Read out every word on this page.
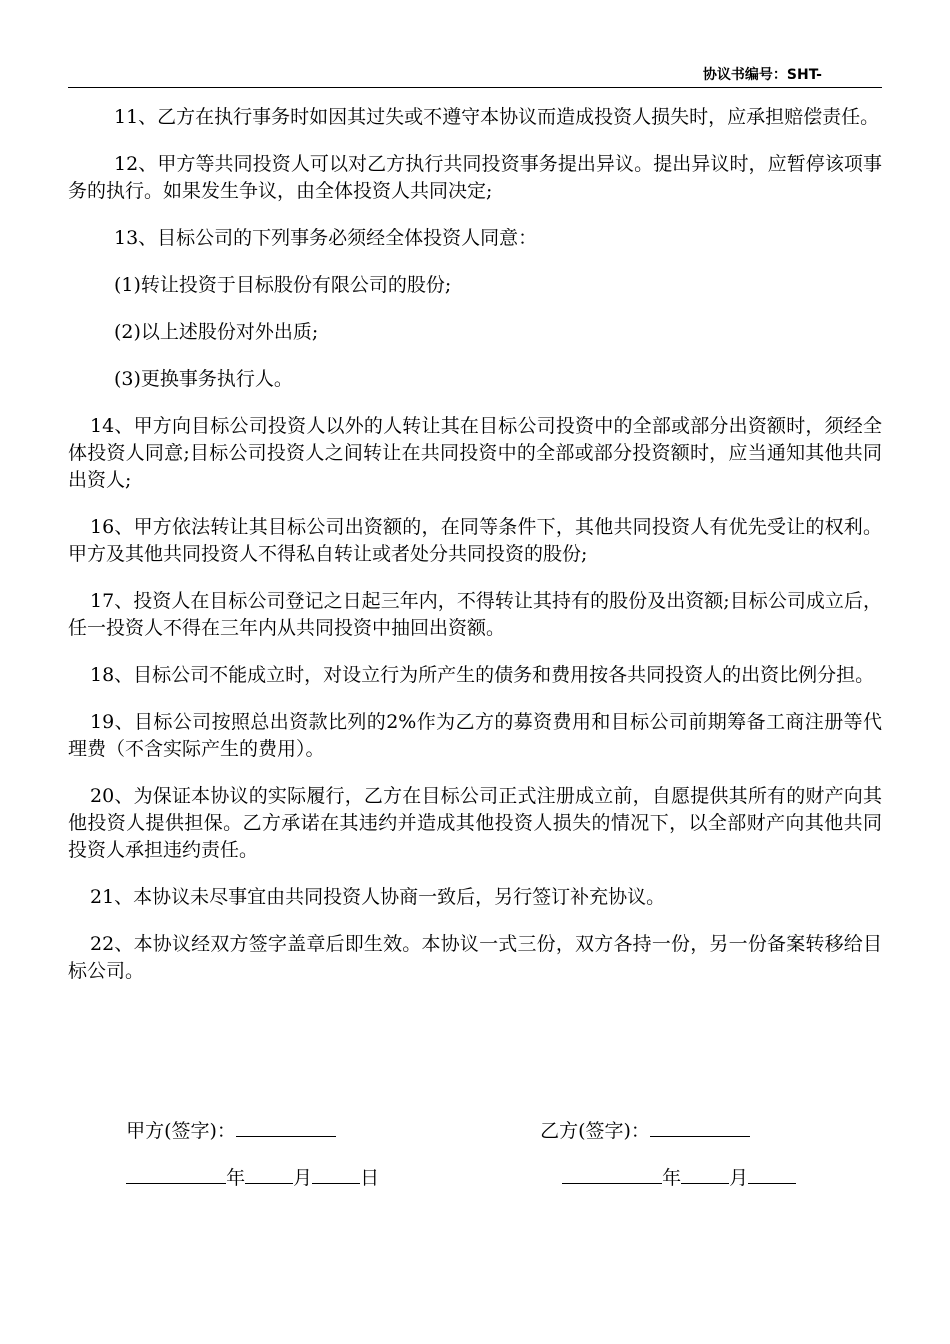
协议书编号：SHT-

11、乙方在执行事务时如因其过失或不遵守本协议而造成投资人损失时，应承担赔偿责任。

12、甲方等共同投资人可以对乙方执行共同投资事务提出异议。提出异议时，应暂停该项事务的执行。如果发生争议，由全体投资人共同决定;

13、目标公司的下列事务必须经全体投资人同意：

(1)转让投资于目标股份有限公司的股份;

(2)以上述股份对外出质;

(3)更换事务执行人。

14、甲方向目标公司投资人以外的人转让其在目标公司投资中的全部或部分出资额时，须经全体投资人同意;目标公司投资人之间转让在共同投资中的全部或部分投资额时，应当通知其他共同出资人;

16、甲方依法转让其目标公司出资额的，在同等条件下，其他共同投资人有优先受让的权利。甲方及其他共同投资人不得私自转让或者处分共同投资的股份;

17、投资人在目标公司登记之日起三年内，不得转让其持有的股份及出资额;目标公司成立后，任一投资人不得在三年内从共同投资中抽回出资额。

18、目标公司不能成立时，对设立行为所产生的债务和费用按各共同投资人的出资比例分担。

19、目标公司按照总出资款比列的2%作为乙方的募资费用和目标公司前期筹备工商注册等代理费（不含实际产生的费用）。

20、为保证本协议的实际履行，乙方在目标公司正式注册成立前，自愿提供其所有的财产向其他投资人提供担保。乙方承诺在其违约并造成其他投资人损失的情况下，以全部财产向其他共同投资人承担违约责任。

21、本协议未尽事宜由共同投资人协商一致后，另行签订补充协议。

22、本协议经双方签字盖章后即生效。本协议一式三份，双方各持一份，另一份备案转移给目标公司。

甲方(签字)：	乙方(签字)：

年	月	日	年	月
